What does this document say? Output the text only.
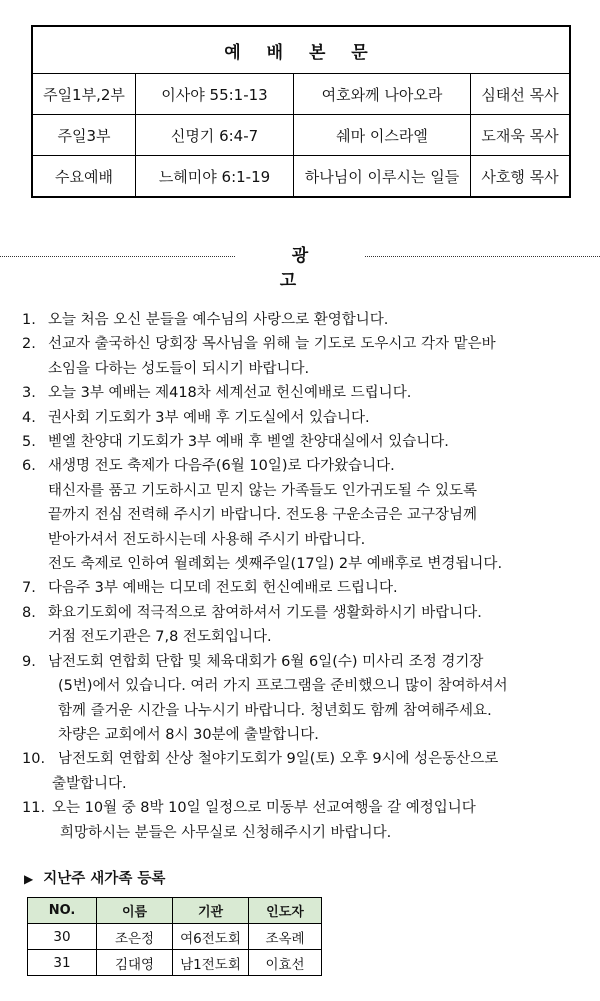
예 배 본 문			
주일1부,2부	이사야 55:1-13	여호와께 나아오라	심태선 목사
주일3부	신명기 6:4-7	쉐마 이스라엘	도재욱 목사
수요예배	느헤미야 6:1-19	하나님이 이루시는 일들	사호행 목사
광 고
1. 오늘 처음 오신 분들을 예수님의 사랑으로 환영합니다.
2. 선교자 출국하신 당회장 목사님을 위해 늘 기도로 도우시고 각자 맡은바
소임을 다하는 성도들이 되시기 바랍니다.
3. 오늘 3부 예배는 제418차 세계선교 헌신예배로 드립니다.
4. 권사회 기도회가 3부 예배 후 기도실에서 있습니다.
5. 벧엘 찬양대 기도회가 3부 예배 후 벧엘 찬양대실에서 있습니다.
6. 새생명 전도 축제가 다음주(6월 10일)로 다가왔습니다.
태신자를 품고 기도하시고 믿지 않는 가족들도 인가귀도될 수 있도록
끝까지 전심 전력해 주시기 바랍니다. 전도용 구운소금은 교구장님께
받아가셔서 전도하시는데 사용해 주시기 바랍니다.
전도 축제로 인하여 월례회는 셋째주일(17일) 2부 예배후로 변경됩니다.
7. 다음주 3부 예배는 디모데 전도회 헌신예배로 드립니다.
8. 화요기도회에 적극적으로 참여하셔서 기도를 생활화하시기 바랍니다.
거점 전도기관은 7,8 전도회입니다.
9. 남전도회 연합회 단합 및 체육대회가 6월 6일(수) 미사리 조정 경기장
(5번)에서 있습니다. 여러 가지 프로그램을 준비했으니 많이 참여하셔서
함께 즐거운 시간을 나누시기 바랍니다. 청년회도 함께 참여해주세요.
차량은 교회에서 8시 30분에 출발합니다.
10. 남전도회 연합회 산상 철야기도회가 9일(토) 오후 9시에 성은동산으로
출발합니다.
11. 오는 10월 중 8박 10일 일정으로 미동부 선교여행을 갈 예정입니다
희망하시는 분들은 사무실로 신청해주시기 바랍니다.
▶ 지난주 새가족 등록
NO.	이름	기관	인도자
30	조은정	여6전도회	조옥례
31	김대영	남1전도회	이효선
